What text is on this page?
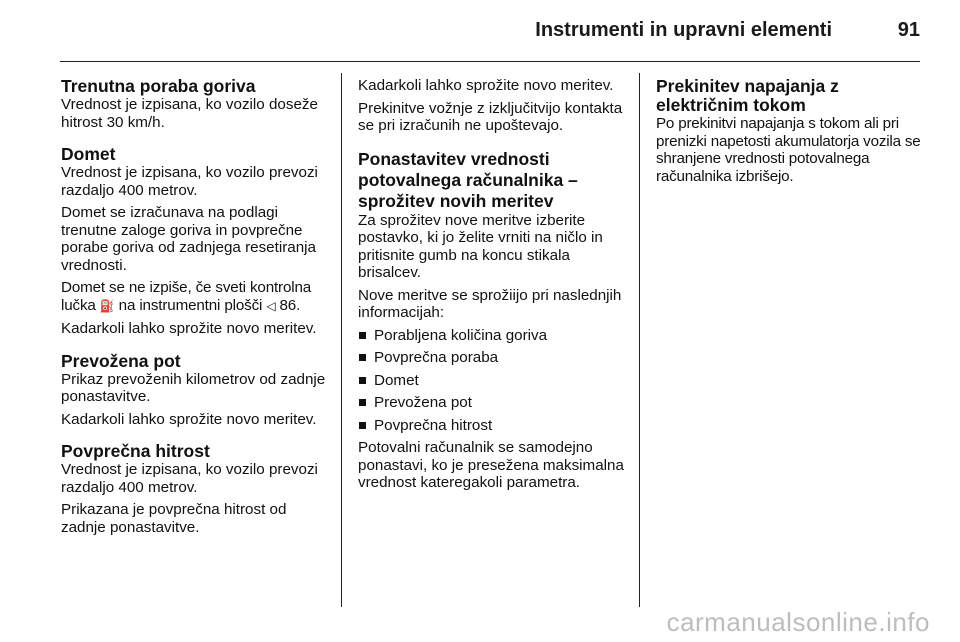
Instrumenti in upravni elementi	91
Trenutna poraba goriva

Vrednost je izpisana, ko vozilo doseže hitrost 30 km/h.

Domet

Vrednost je izpisana, ko vozilo prevozi razdaljo 400 metrov.

Domet se izračunava na podlagi trenutne zaloge goriva in povprečne porabe goriva od zadnjega resetiranja vrednosti.

Domet se ne izpiše, če sveti kontrolna lučka ⛽ na instrumentni plošči ◁ 86.

Kadarkoli lahko sprožite novo meritev.

Prevožena pot

Prikaz prevoženih kilometrov od zadnje ponastavitve.

Kadarkoli lahko sprožite novo meritev.

Povprečna hitrost

Vrednost je izpisana, ko vozilo prevozi razdaljo 400 metrov.

Prikazana je povprečna hitrost od zadnje ponastavitve.

Kadarkoli lahko sprožite novo meritev.

Prekinitve vožnje z izključitvijo kontakta se pri izračunih ne upoštevajo.

Ponastavitev vrednosti potovalnega računalnika – sprožitev novih meritev

Za sprožitev nove meritve izberite postavko, ki jo želite vrniti na ničlo in pritisnite gumb na koncu stikala brisalcev.

Nove meritve se sprožiijo pri naslednjih informacijah:

Porabljena količina goriva
Povprečna poraba
Domet
Prevožena pot
Povprečna hitrost

Potovalni računalnik se samodejno ponastavi, ko je presežena maksimalna vrednost kateregakoli parametra.

Prekinitev napajanja z električnim tokom

Po prekinitvi napajanja s tokom ali pri prenizki napetosti akumulatorja vozila se shranjene vrednosti potovalnega računalnika izbrišejo.

carmanualsonline.info
